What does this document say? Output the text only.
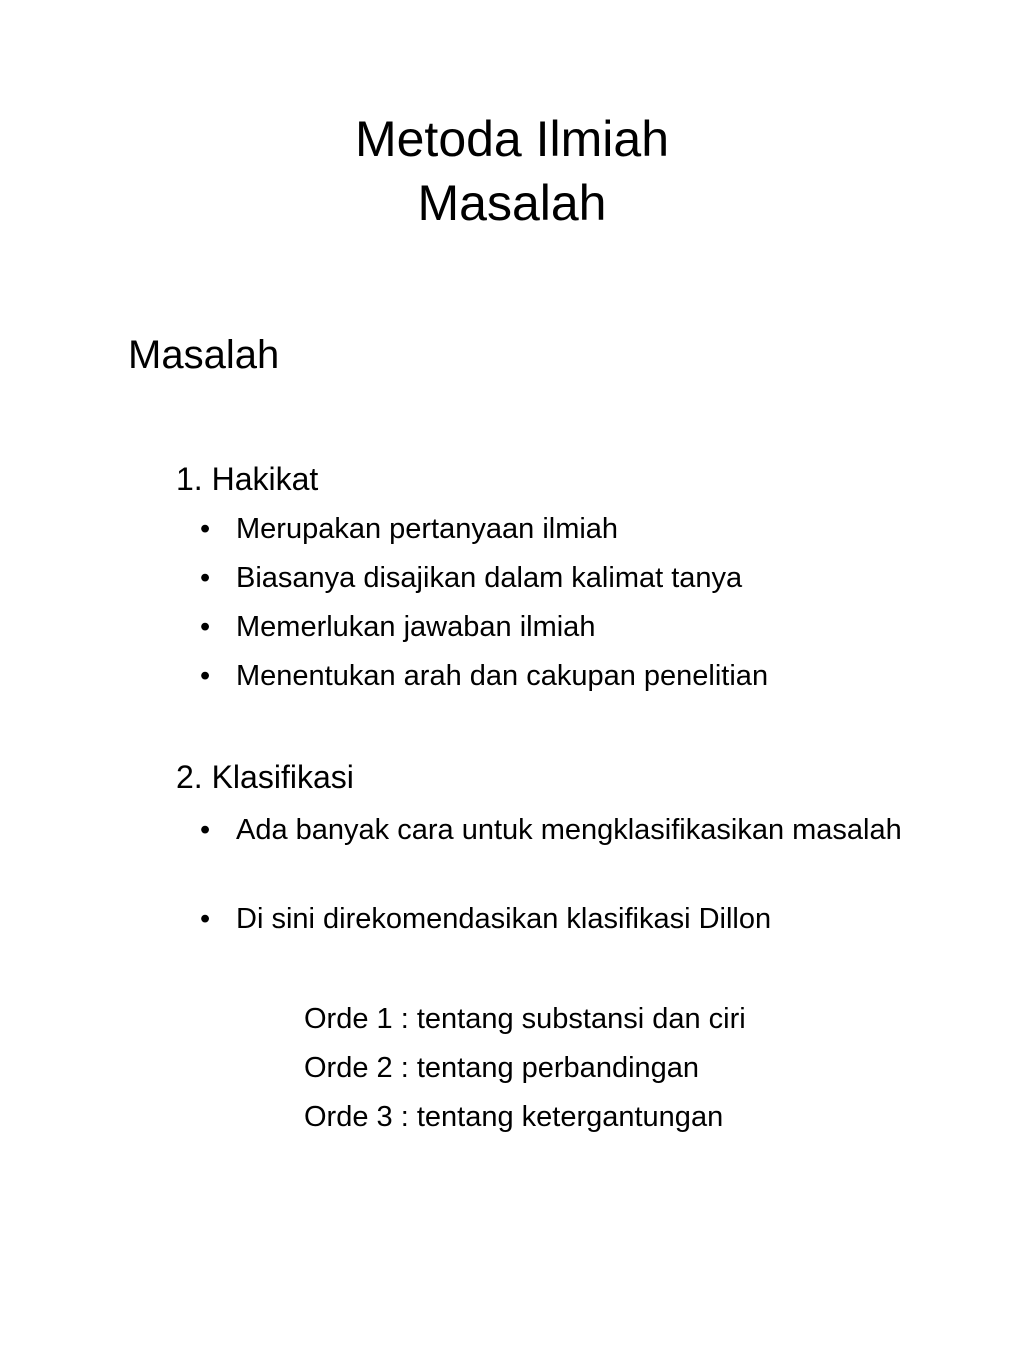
Metoda Ilmiah
Masalah
Masalah
1. Hakikat
• Merupakan pertanyaan ilmiah
• Biasanya disajikan dalam kalimat tanya
• Memerlukan jawaban ilmiah
• Menentukan arah dan cakupan penelitian
2. Klasifikasi
• Ada banyak cara untuk mengklasifikasikan masalah
• Di sini direkomendasikan klasifikasi Dillon
Orde 1 : tentang substansi dan ciri
Orde 2 : tentang perbandingan
Orde 3 : tentang ketergantungan
